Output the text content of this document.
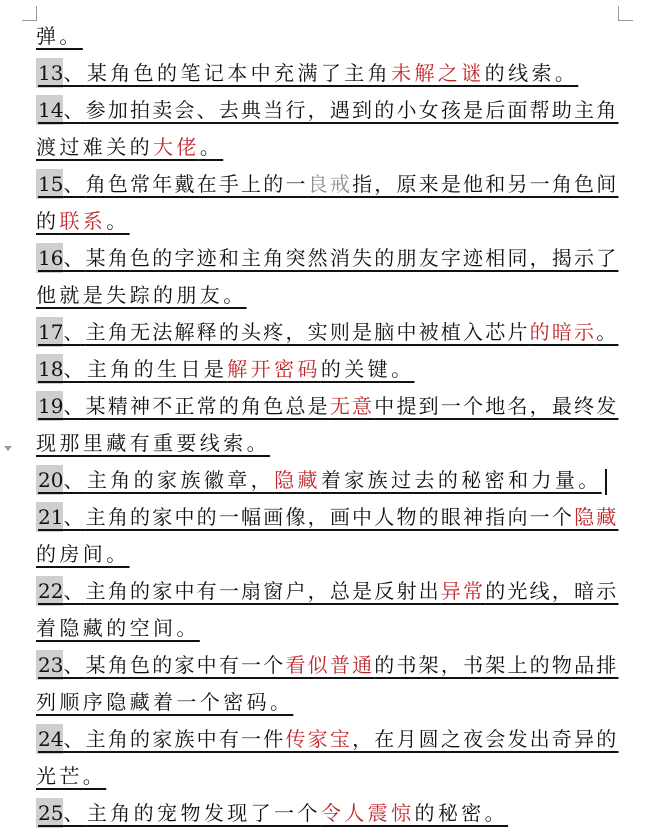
弹。
13、某角色的笔记本中充满了主角未解之谜的线索。
14、参加拍卖会、去典当行，遇到的小女孩是后面帮助主角
渡过难关的大佬。
15、角色常年戴在手上的一良戒指，原来是他和另一角色间
的联系。
16、某角色的字迹和主角突然消失的朋友字迹相同，揭示了
他就是失踪的朋友。
17、主角无法解释的头疼，实则是脑中被植入芯片的暗示。
18、主角的生日是解开密码的关键。
19、某精神不正常的角色总是无意中提到一个地名，最终发
现那里藏有重要线索。
20、主角的家族徽章，隐藏着家族过去的秘密和力量。
21、主角的家中的一幅画像，画中人物的眼神指向一个隐藏
的房间。
22、主角的家中有一扇窗户，总是反射出异常的光线，暗示
着隐藏的空间。
23、某角色的家中有一个看似普通的书架，书架上的物品排
列顺序隐藏着一个密码。
24、主角的家族中有一件传家宝，在月圆之夜会发出奇异的
光芒。
25、主角的宠物发现了一个令人震惊的秘密。
